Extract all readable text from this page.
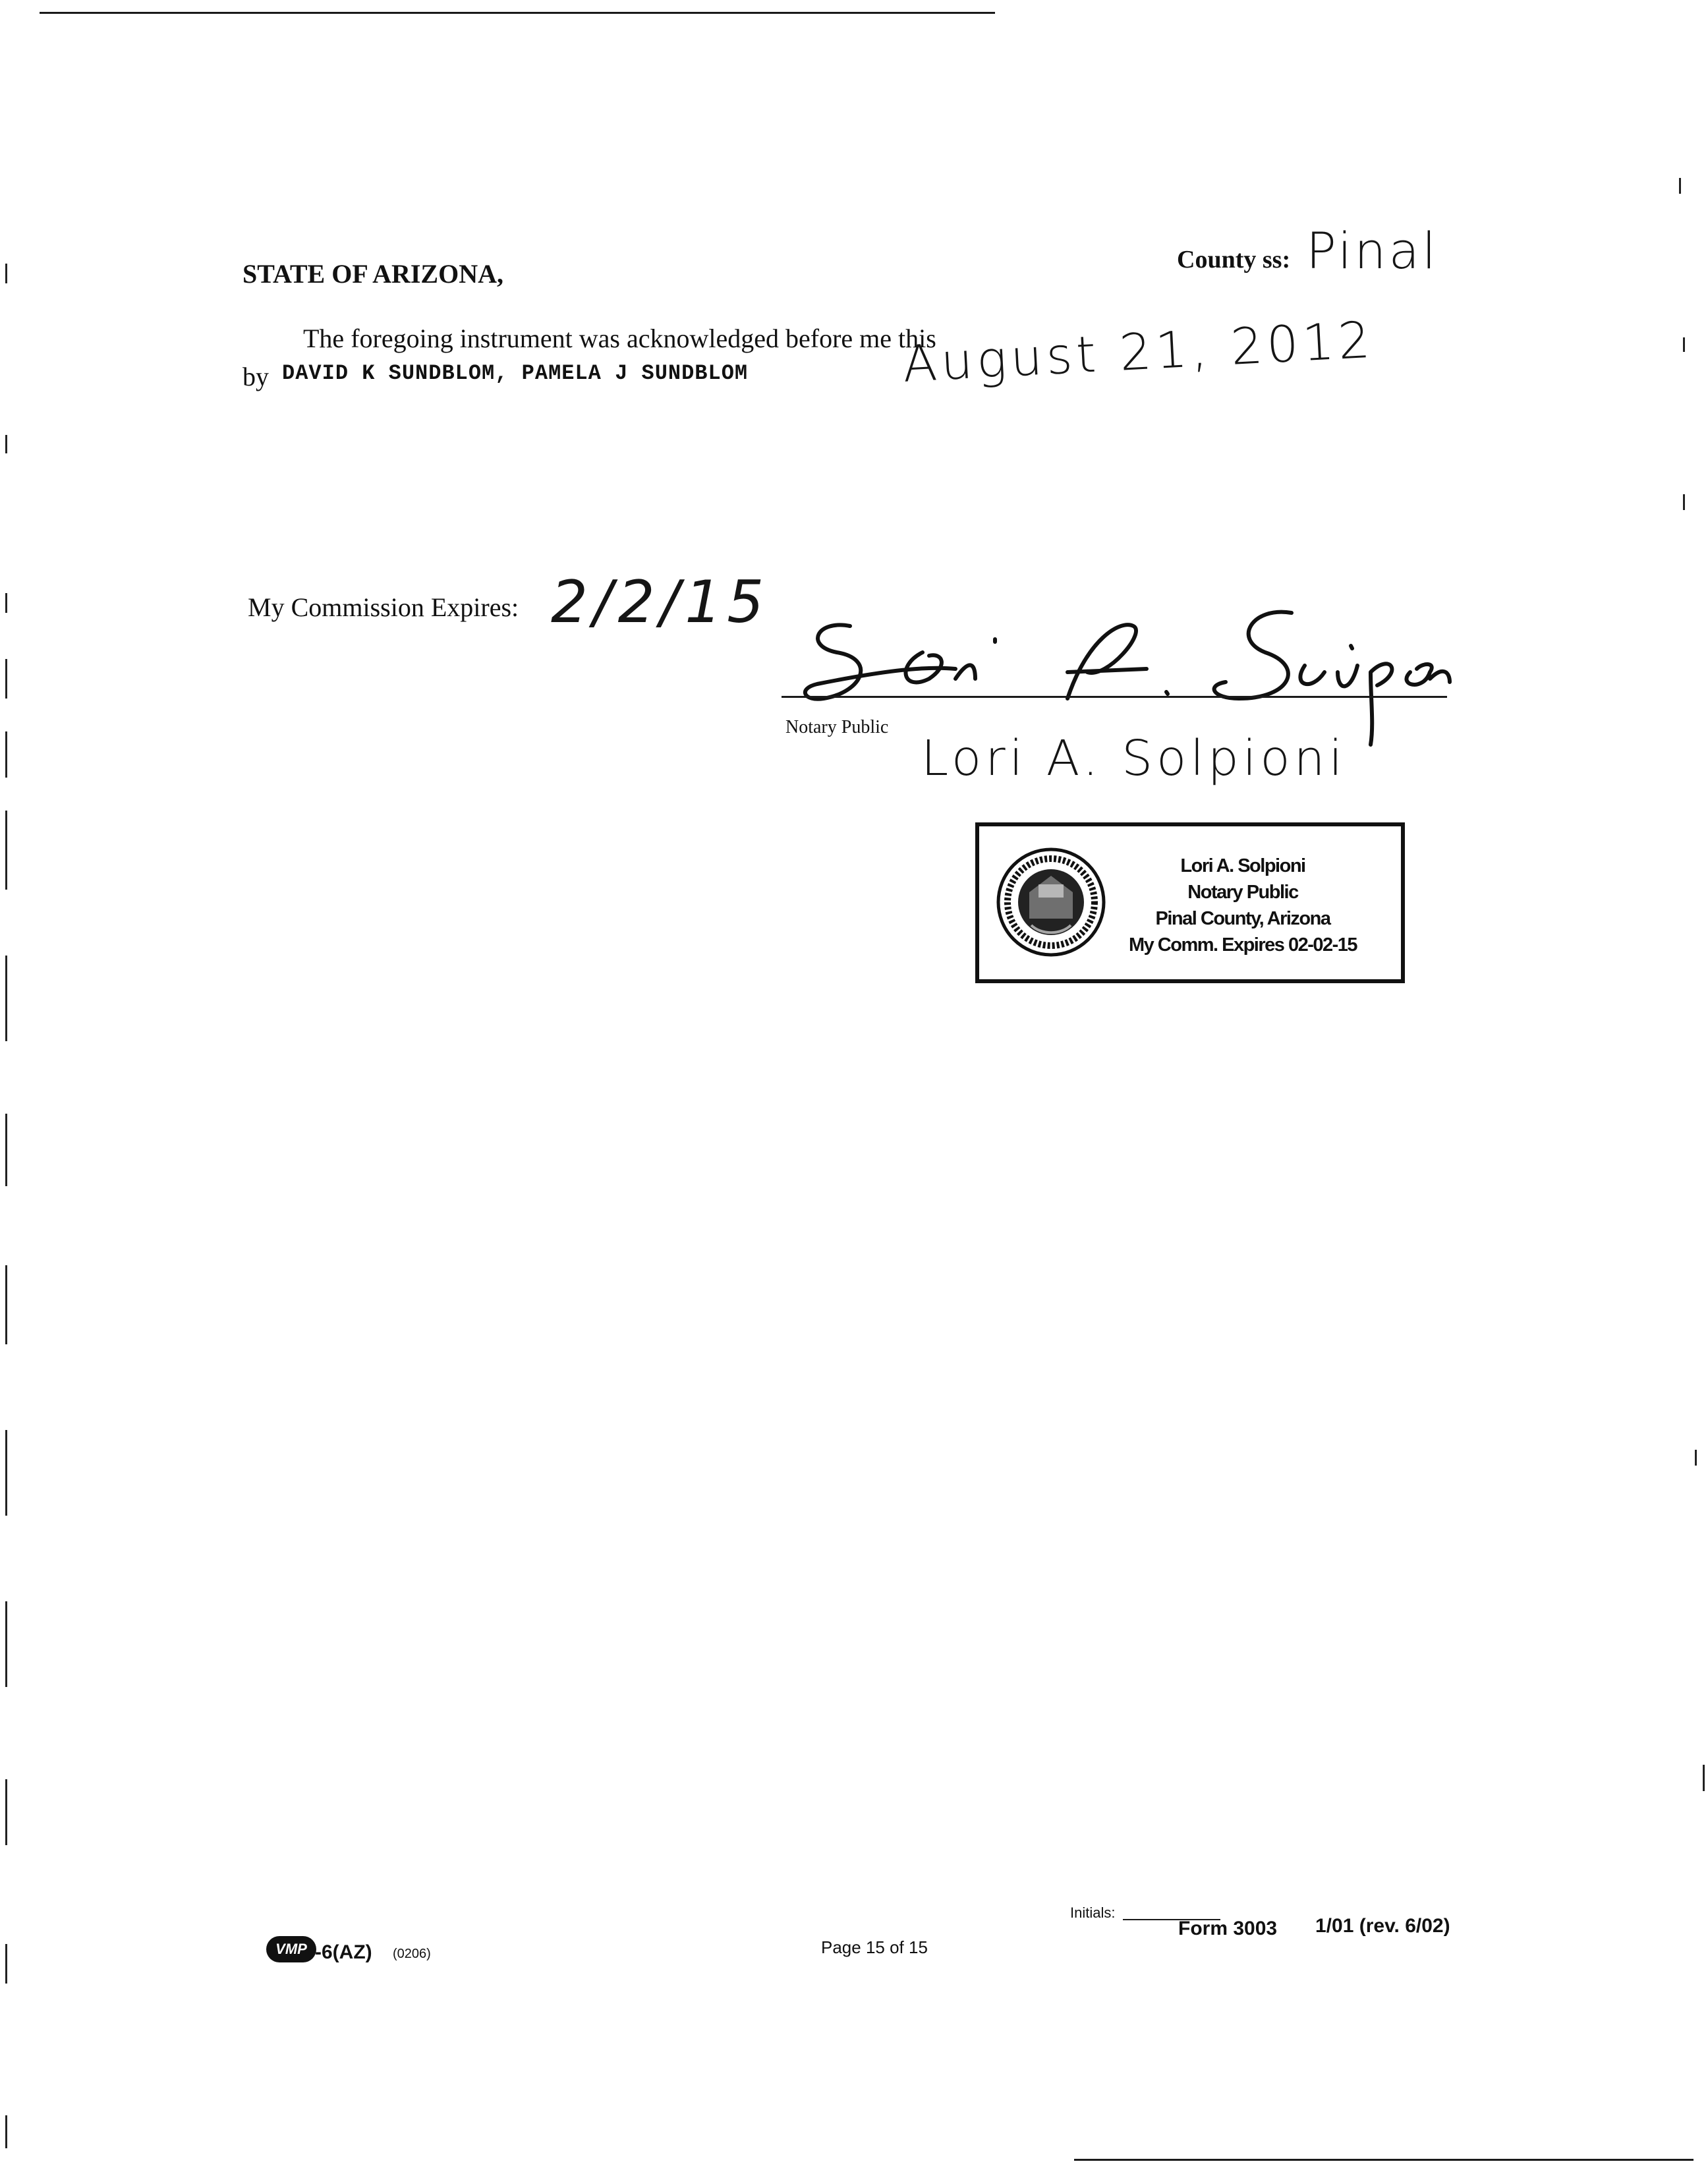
STATE OF ARIZONA,	County ss: Pinal
The foregoing instrument was acknowledged before me this
by DAVID K SUNDBLOM, PAMELA J SUNDBLOM	August 21, 2012
My Commission Expires: 2/2/15
Notary Public
Lori A. Solpioni
Lori A. Solpioni
Notary Public
Pinal County, Arizona
My Comm. Expires 02-02-15
VMP -6(AZ) (0206)	Page 15 of 15
Initials:
Form 3003 1/01 (rev. 6/02)
